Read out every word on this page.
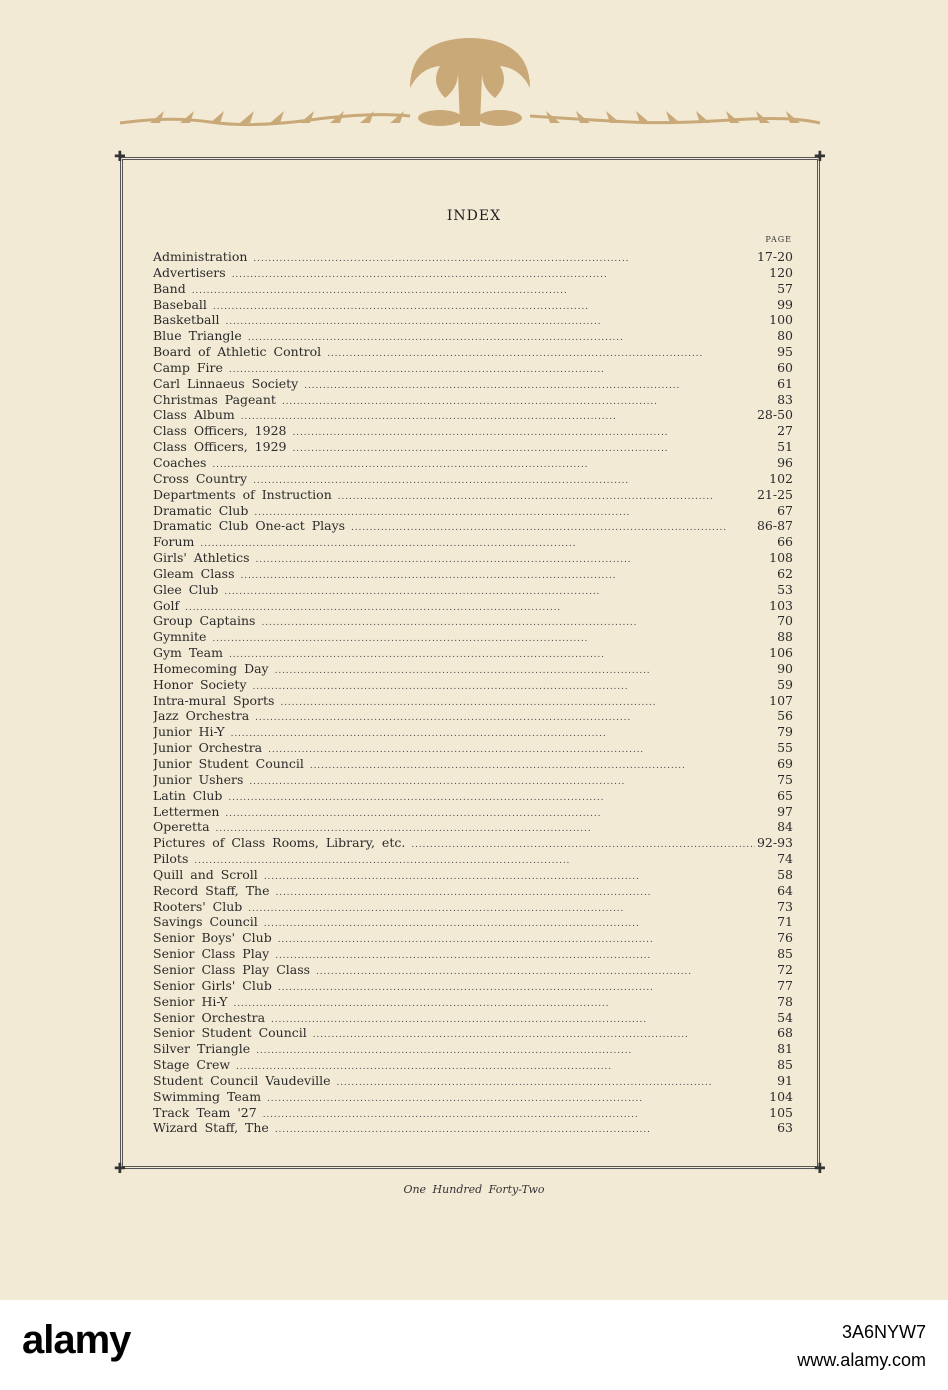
✚	✚
✚	✚
INDEX
PAGE
Administration . . .	17-20
Advertisers . . .	120
Band . . .	57
Baseball . . .	99
Basketball . . .	100
Blue Triangle . . .	80
Board of Athletic Control . . .	95
Camp Fire . . .	60
Carl Linnaeus Society . . .	61
Christmas Pageant . . .	83
Class Album . . .	28-50
Class Officers, 1928 . . .	27
Class Officers, 1929 . . .	51
Coaches . . .	96
Cross Country . . .	102
Departments of Instruction . . .	21-25
Dramatic Club . . .	67
Dramatic Club One-act Plays . . .	86-87
Forum . . .	66
Girls' Athletics . . .	108
Gleam Class . . .	62
Glee Club . . .	53
Golf . . .	103
Group Captains . . .	70
Gymnite . . .	88
Gym Team . . .	106
Homecoming Day . . .	90
Honor Society . . .	59
Intra-mural Sports . . .	107
Jazz Orchestra . . .	56
Junior Hi-Y . . .	79
Junior Orchestra . . .	55
Junior Student Council . . .	69
Junior Ushers . . .	75
Latin Club . . .	65
Lettermen . . .	97
Operetta . . .	84
Pictures of Class Rooms, Library, etc. . . .	92-93
Pilots . . .	74
Quill and Scroll . . .	58
Record Staff, The . . .	64
Rooters' Club . . .	73
Savings Council . . .	71
Senior Boys' Club . . .	76
Senior Class Play . . .	85
Senior Class Play Class . . .	72
Senior Girls' Club . . .	77
Senior Hi-Y . . .	78
Senior Orchestra . . .	54
Senior Student Council . . .	68
Silver Triangle . . .	81
Stage Crew . . .	85
Student Council Vaudeville . . .	91
Swimming Team . . .	104
Track Team '27 . . .	105
Wizard Staff, The . . .	63
One Hundred Forty-Two
alamy	3A6NYW7
www.alamy.com
